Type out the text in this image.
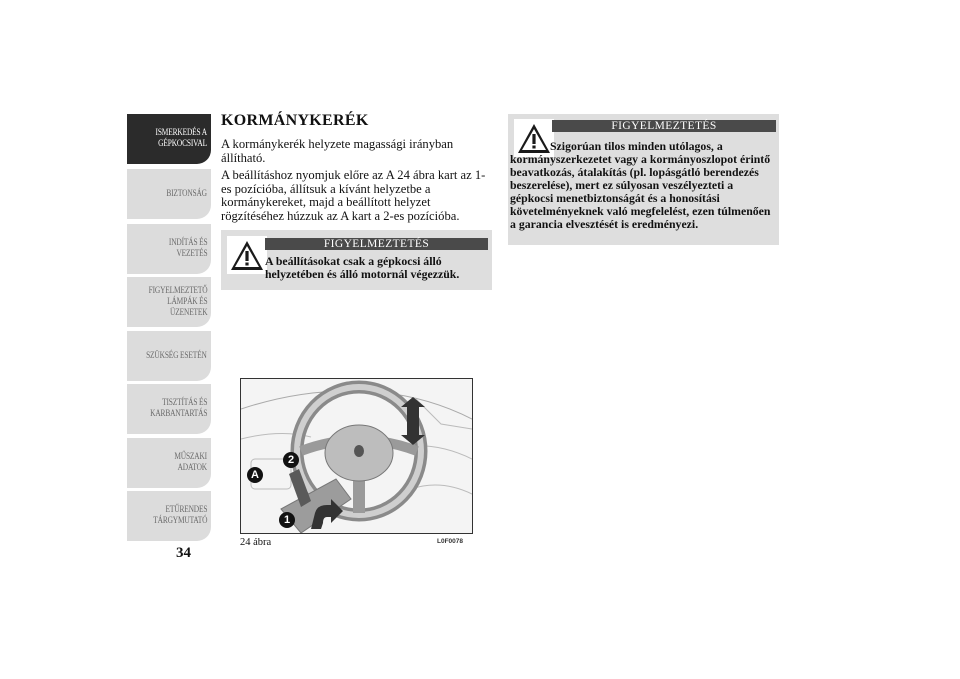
ISMERKEDÉS A
GÉPKOCSIVAL
BIZTONSÁG
INDÍTÁS ÉS
VEZETÉS
FIGYELMEZTETŐ
LÁMPÁK ÉS
ÜZENETEK
SZÜKSÉG ESETÉN
TISZTÍTÁS ÉS
KARBANTARTÁS
MŰSZAKI ADATOK
ETŰRENDES
TÁRGYMUTATÓ
34
KORMÁNYKERÉK

A kormánykerék helyzete magassági irányban állítható.

A beállításhoz nyomjuk előre az A 24 ábra kart az 1-es pozícióba, állítsuk a kívánt helyzetbe a kormánykereket, majd a beállított helyzet rögzítéséhez húzzuk az A kart a 2-es pozícióba.

FIGYELMEZTETÉS

A beállításokat csak a gépkocsi álló helyzetében és álló motornál végezzük.

FIGYELMEZTETÉS

Szigorúan tilos minden utólagos, a kormányszerkezetet vagy a kormányoszlopot érintő beavatkozás, átalakítás (pl. lopásgátló berendezés beszerelése), mert ez súlyosan veszélyezteti a gépkocsi menetbiztonságát és a honosítási követelményeknek való megfelelést, ezen túlmenően a garancia elvesztését is eredményezi.

A
2
1
24 ábra	L0F0078
